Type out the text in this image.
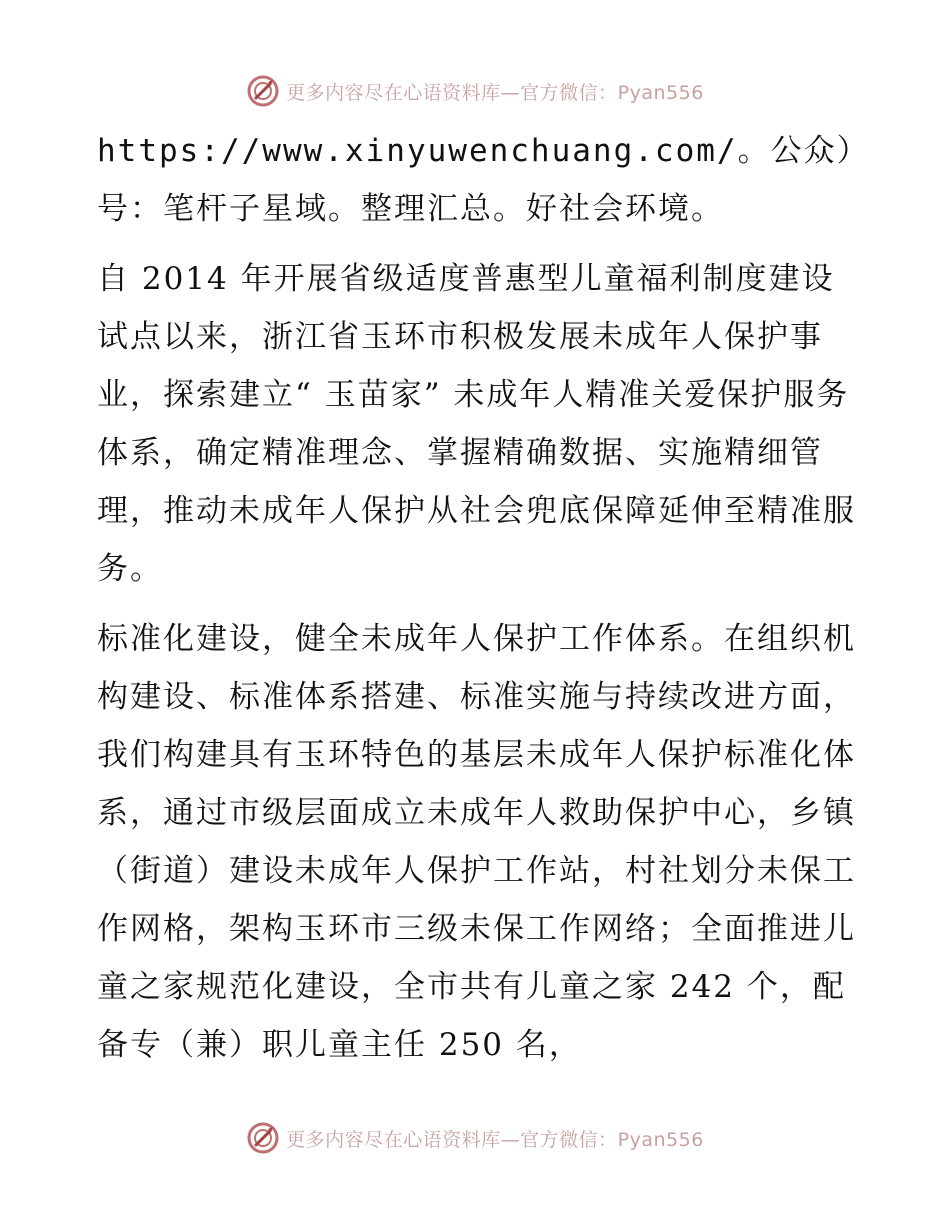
更多内容尽在心语资料库—官方微信：Pyan556

https://www.xinyuwenchuang.com/。公众）号：笔杆子星域。整理汇总。好社会环境。

自 2014 年开展省级适度普惠型儿童福利制度建设试点以来，浙江省玉环市积极发展未成年人保护事业，探索建立“ 玉苗家” 未成年人精准关爱保护服务体系，确定精准理念、掌握精确数据、实施精细管理，推动未成年人保护从社会兜底保障延伸至精准服务。

标准化建设，健全未成年人保护工作体系。在组织机构建设、标准体系搭建、标准实施与持续改进方面，我们构建具有玉环特色的基层未成年人保护标准化体系，通过市级层面成立未成年人救助保护中心，乡镇（街道）建设未成年人保护工作站，村社划分未保工作网格，架构玉环市三级未保工作网络；全面推进儿童之家规范化建设，全市共有儿童之家 242 个，配备专（兼）职儿童主任 250 名，

更多内容尽在心语资料库—官方微信：Pyan556
